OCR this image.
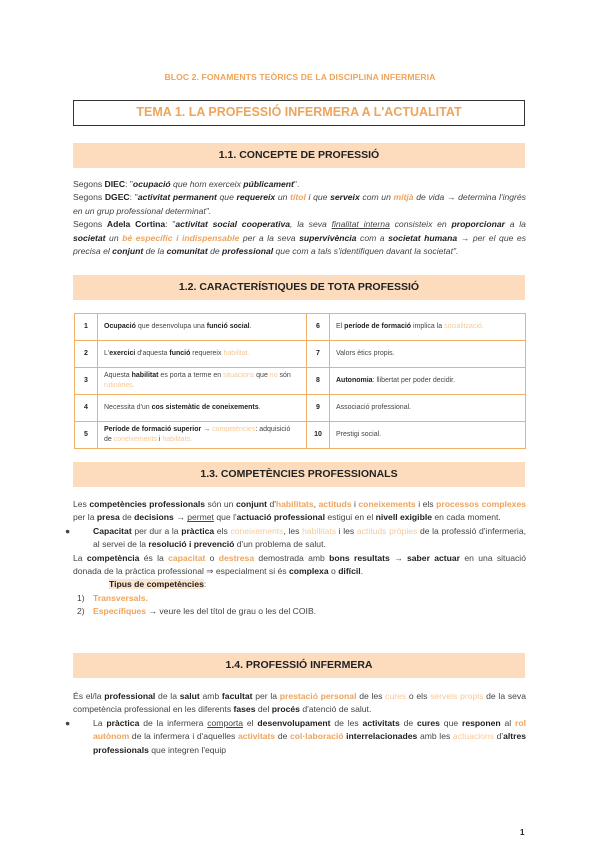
BLOC 2. FONAMENTS TEÒRICS DE LA DISCIPLINA INFERMERIA
TEMA 1. LA PROFESSIÓ INFERMERA A L'ACTUALITAT
1.1. CONCEPTE DE PROFESSIÓ

Segons DIEC: "ocupació que hom exerceix públicament".

Segons DGEC: "activitat permanent que requereix un títol i que serveix com un mitjà de vida → determina l'ingrés en un grup professional determinat".

Segons Adela Cortina: "activitat social cooperativa, la seva finalitat interna consisteix en proporcionar a la societat un bé específic i indispensable per a la seva supervivència com a societat humana → per el que es precisa el conjunt de la comunitat de professional que com a tals s'identifiquen davant la societat".

1.2. CARACTERÍSTIQUES DE TOTA PROFESSIÓ
1	Ocupació que desenvolupa una funció social.	6	El període de formació implica la socialització.
2	L'exercici d'aquesta funció requereix habilitat.	7	Valors ètics propis.
3	Aquesta habilitat es porta a terme en situacions que no són rutinàries.	8	Autonomia: llibertat per poder decidir.
4	Necessita d'un cos sistemàtic de coneixements.	9	Associació professional.
5	Període de formació superior → competències: adquisició de coneixements i habilitats.	10	Prestigi social.
1.3. COMPETÈNCIES PROFESSIONALS

Les competències professionals són un conjunt d'habilitats, actituds i coneixements i els processos complexes per la presa de decisions → permet que l'actuació professional estigui en el nivell exigible en cada moment.

●	Capacitat per dur a la pràctica els coneixements, les habilitats i les actituds pròpies de la professió d'infermeria, al servei de la resolució i prevenció d'un problema de salut.

La competència és la capacitat o destresa demostrada amb bons resultats → saber actuar en una situació donada de la pràctica professional ⇒ especialment si és complexa o difícil.

Tipus de competències:

1) Transversals.

2) Específiques → veure les del títol de grau o les del COIB.

1.4. PROFESSIÓ INFERMERA

És el/la professional de la salut amb facultat per la prestació personal de les cures o els serveis propis de la seva competència professional en les diferents fases del procés d'atenció de salut.

●	La pràctica de la infermera comporta el desenvolupament de les activitats de cures que responen al rol autònom de la infermera i d'aquelles activitats de col·laboració interrelacionades amb les actuacions d'altres professionals que integren l'equip

1
